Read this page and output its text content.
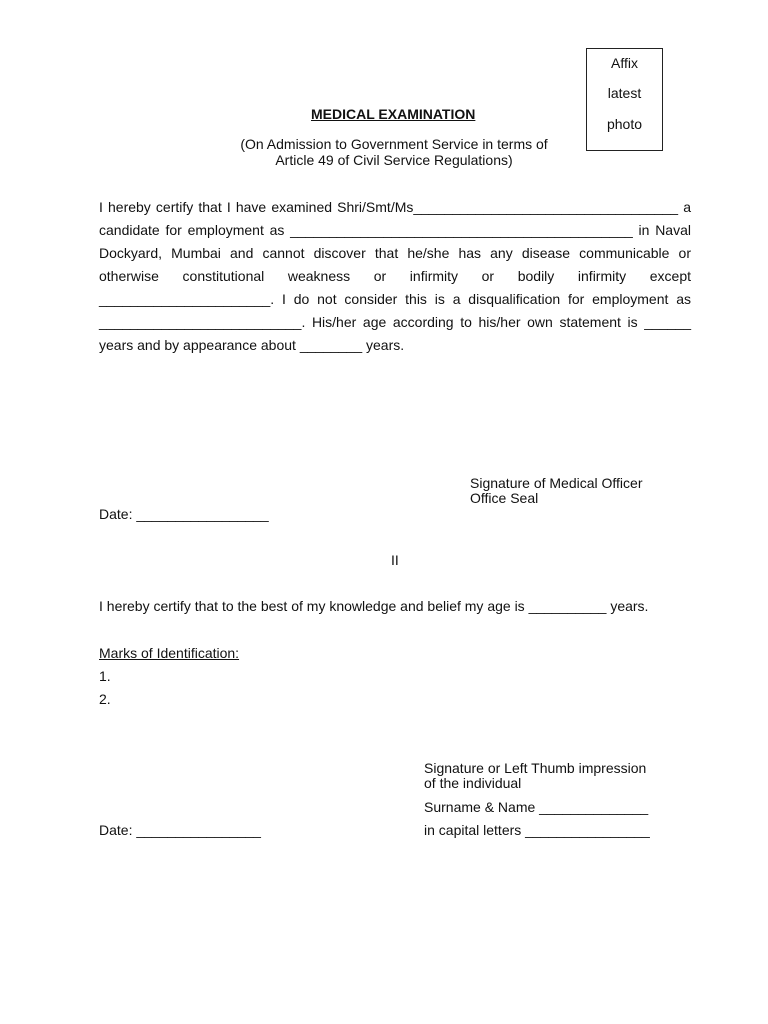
Affix
latest
photo
MEDICAL EXAMINATION
(On Admission to Government Service in terms of
Article 49 of Civil Service Regulations)
I hereby certify that I have examined Shri/Smt/Ms__________________________________ a
candidate for employment as ____________________________________________ in Naval
Dockyard, Mumbai and cannot discover that he/she has any disease communicable or
otherwise constitutional weakness or infirmity or bodily infirmity except
______________________. I do not consider this is a disqualification for employment as
__________________________. His/her age according to his/her own statement is ______
years and by appearance about ________ years.
Signature of Medical Officer
Office Seal
Date: _________________
II
I hereby certify that to the best of my knowledge and belief my age is __________ years.
Marks of Identification:
1.
2.
Signature or Left Thumb impression
of the individual
Surname & Name ______________
in capital letters ________________
Date: ________________
